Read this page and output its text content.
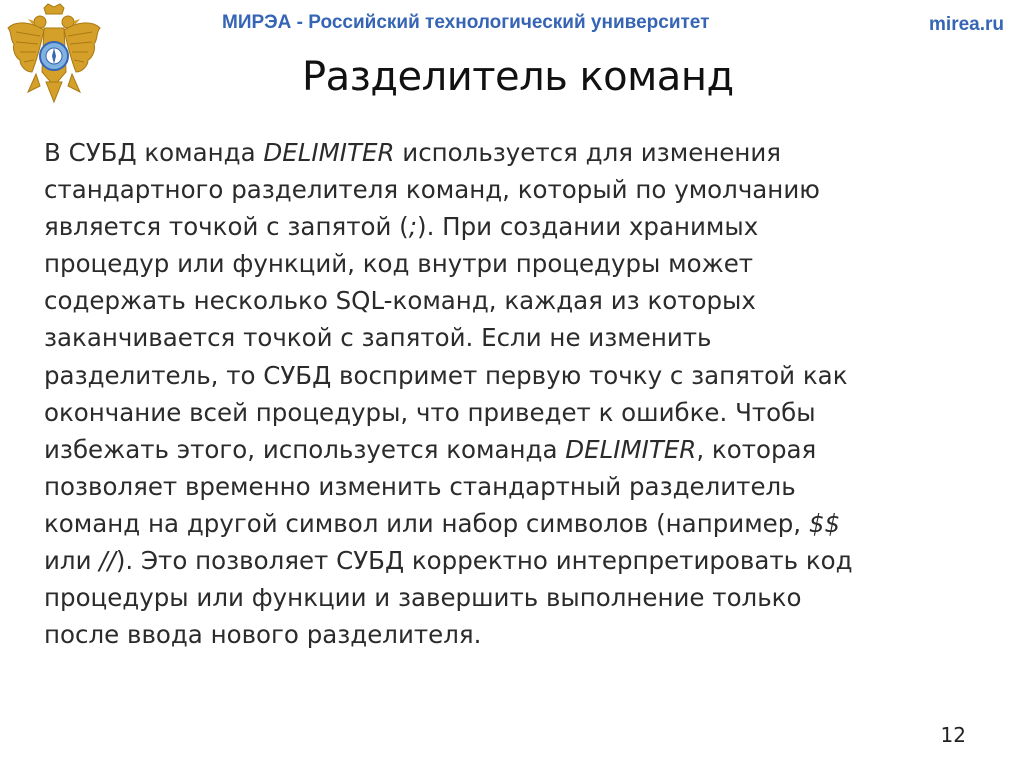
МИРЭА - Российский технологический университет	mirea.ru
Разделитель команд
В СУБД команда DELIMITER используется для изменения
стандартного разделителя команд, который по умолчанию
является точкой с запятой (;). При создании хранимых
процедур или функций, код внутри процедуры может
содержать несколько SQL-команд, каждая из которых
заканчивается точкой с запятой. Если не изменить
разделитель, то СУБД воспримет первую точку с запятой как
окончание всей процедуры, что приведет к ошибке. Чтобы
избежать этого, используется команда DELIMITER, которая
позволяет временно изменить стандартный разделитель
команд на другой символ или набор символов (например, $$
или //). Это позволяет СУБД корректно интерпретировать код
процедуры или функции и завершить выполнение только
после ввода нового разделителя.
12
